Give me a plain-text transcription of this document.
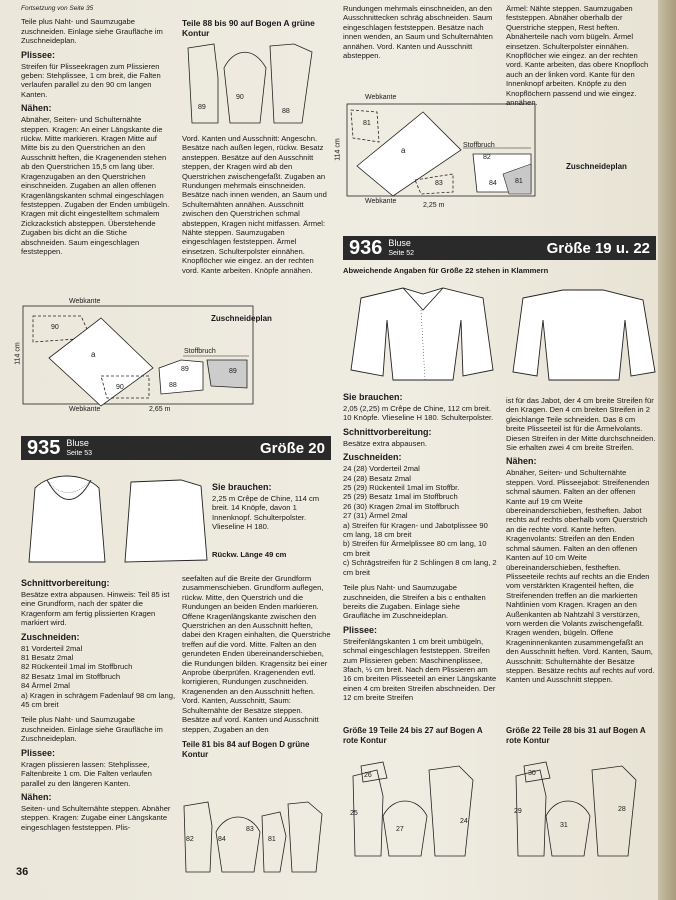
Fortsetzung von Seite 35

Teile plus Naht- und Saumzugabe zuschneiden. Einlage siehe Graufläche im Zuschneideplan.

Plissee:

Streifen für Plisseekragen zum Plissieren geben: Stehplissee, 1 cm breit, die Falten verlaufen parallel zu den 90 cm langen Kanten.

Nähen:

Abnäher, Seiten- und Schulternähte steppen. Kragen: An einer Längskante die rückw. Mitte markieren. Kragen Mitte auf Mitte bis zu den Querstrichen an den Ausschnitt heften, die Kragenenden stehen ab den Querstrichen 15,5 cm lang über. Kragenzugaben an den Querstrichen einschneiden. Zugaben an allen offenen Kragenlängskanten schmal eingeschlagen feststeppen. Zugaben der Enden umbügeln. Kragen mit dicht eingestelltem schmalem Zickzackstich absteppen. Überstehende Zugaben bis dicht an die Stiche abschneiden. Saum eingeschlagen feststeppen.

Zuschneideplan
Webkante
Webkante
Stoffbruch
2,65 m
114 cm
90
a
90
89
88
89
Teile 88 bis 90 auf Bogen A grüne Kontur
89
90
88

Vord. Kanten und Ausschnitt: Angeschn. Besätze nach außen legen, rückw. Besatz ansteppen. Besätze auf den Ausschnitt steppen, der Kragen wird ab den Querstrichen zwischengefaßt. Zugaben an Rundungen mehrmals einschneiden. Besätze nach innen wenden, an Saum und Schulternähten annähen. Ausschnitt zwischen den Querstrichen schmal absteppen, Kragen nicht mitfassen. Ärmel: Nähte steppen. Saumzugaben eingeschlagen feststeppen. Ärmel einsetzen. Schulterpolster einnähen. Knopflöcher wie eingez. an der rechten vord. Kante arbeiten. Knöpfe annähen.

Rundungen mehrmals einschneiden, an den Ausschnittecken schräg abschneiden. Saum eingeschlagen feststeppen. Besätze nach innen wenden, an Saum und Schulternähten annähen. Vord. Kanten und Ausschnitt absteppen.

Webkante
Webkante
Stoffbruch
2,25 m
114 cm
81
a
82
83	84	81

Ärmel: Nähte steppen. Saumzugaben feststeppen. Abnäher oberhalb der Querstriche steppen, Rest heften. Abnäherteile nach vorn bügeln. Ärmel einsetzen. Schulterpolster einnähen. Knopflöcher wie eingez. an der rechten vord. Kante arbeiten, das obere Knopfloch auch an der linken vord. Kante für den Innenknopf arbeiten. Knöpfe zu den Knopflöchern passend und wie eingez. annähen.

Zuschneideplan
936 Bluse
Seite 52	Größe 19 u. 22
Abweichende Angaben für Größe 22 stehen in Klammern
Sie brauchen:

2,05 (2,25) m Crêpe de Chine, 112 cm breit. 10 Knöpfe. Vlieseline H 180. Schulterpolster.

Schnittvorbereitung:

Besätze extra abpausen.

Zuschneiden:
24 (28) Vorderteil 2mal
24 (28) Besatz 2mal
25 (29) Rückenteil 1mal im Stoffbr.
25 (29) Besatz 1mal im Stoffbruch
26 (30) Kragen 2mal im Stoffbruch
27 (31) Ärmel 2mal
a) Streifen für Kragen- und Jabotplissee 90 cm lang, 18 cm breit
b) Streifen für Ärmelplissee 80 cm lang, 10 cm breit
c) Schrägstreifen für 2 Schlingen 8 cm lang, 2 cm breit

Teile plus Naht- und Saumzugabe zuschneiden, die Streifen a bis c enthalten bereits die Zugaben. Einlage siehe Graufläche im Zuschneideplan.

Plissee:

Streifenlängskanten 1 cm breit umbügeln, schmal eingeschlagen feststeppen. Streifen zum Plissieren geben: Maschinenplissee, 3fach, ½ cm breit. Nach dem Plissieren am 16 cm breiten Plisseeteil an einer Längskante einen 4 cm breiten Streifen abschneiden. Der 12 cm breite Streifen

ist für das Jabot, der 4 cm breite Streifen für den Kragen. Den 4 cm breiten Streifen in 2 gleichlange Teile schneiden. Das 8 cm breite Plisseeteil ist für die Ärmelvolants. Diesen Streifen in der Mitte durchschneiden. Sie erhalten zwei 4 cm breite Streifen.

Nähen:

Abnäher, Seiten- und Schulternähte steppen. Vord. Plisseejabot: Streifenenden schmal säumen. Falten an der offenen Kante auf 19 cm Weite übereinanderschieben, festheften. Jabot rechts auf rechts oberhalb vom Querstrich an die rechte vord. Kante heften. Kragenvolants: Streifen an den Enden schmal säumen. Falten an den offenen Kanten auf 10 cm Weite übereinanderschieben, festheften. Plisseeteile rechts auf rechts an die Enden vom verstärkten Kragenteil heften, die Streifenenden treffen an die markierten Nahtlinien vom Kragen. Kragen an den Außenkanten ab Nahtzahl 3 verstürzen, vorn werden die Volants zwischengefaßt. Kragen wenden, bügeln. Offene Krageninnenkanten zusammengefaßt an den Ausschnitt heften. Vord. Kanten, Saum, Ausschnitt: Schulternähte der Besätze steppen. Besätze rechts auf rechts auf vord. Kanten und Ausschnitt steppen.

Größe 19 Teile 24 bis 27 auf Bogen A rote Kontur
26
25
24
27
Größe 22 Teile 28 bis 31 auf Bogen A rote Kontur
30
29	28
31
935 Bluse
Seite 53	Größe 20
Sie brauchen:

2,25 m Crêpe de Chine, 114 cm breit. 14 Knöpfe, davon 1 Innenknopf. Schulterpolster. Vlieseline H 180.

Rückw. Länge 49 cm

Schnittvorbereitung:

Besätze extra abpausen. Hinweis: Teil 85 ist eine Grundform, nach der später die Kragenform am fertig plissierten Kragen markiert wird.

Zuschneiden:
81 Vorderteil 2mal
81 Besatz 2mal
82 Rückenteil 1mal im Stoffbruch
82 Besatz 1mal im Stoffbruch
84 Ärmel 2mal
a) Kragen in schrägem Fadenlauf 98 cm lang, 45 cm breit

Teile plus Naht- und Saumzugabe zuschneiden. Einlage siehe Graufläche im Zuschneideplan.

Plissee:

Kragen plissieren lassen: Stehplissee, Faltenbreite 1 cm. Die Falten verlaufen parallel zu den längeren Kanten.

Nähen:

Seiten- und Schulternähte steppen. Abnäher steppen. Kragen: Zugabe einer Längskante eingeschlagen feststeppen. Plis-

seefalten auf die Breite der Grundform zusammenschieben. Grundform auflegen, rückw. Mitte, den Querstrich und die Rundungen an beiden Enden markieren. Offene Kragenlängskante zwischen den Querstrichen an den Ausschnitt heften, dabei den Kragen einhalten, die Querstriche treffen auf die vord. Mitte. Falten an den gerundeten Enden übereinanderschieben, die Rundungen bilden. Kragensitz bei einer Anprobe überprüfen. Kragenenden evtl. korrigieren, Rundungen zuschneiden. Kragenenden an den Ausschnitt heften. Vord. Kanten, Ausschnitt, Saum: Schulternähte der Besätze steppen. Besätze auf vord. Kanten und Ausschnitt steppen, Zugaben an den

Teile 81 bis 84 auf Bogen D grüne Kontur
82	84
83
81
36
